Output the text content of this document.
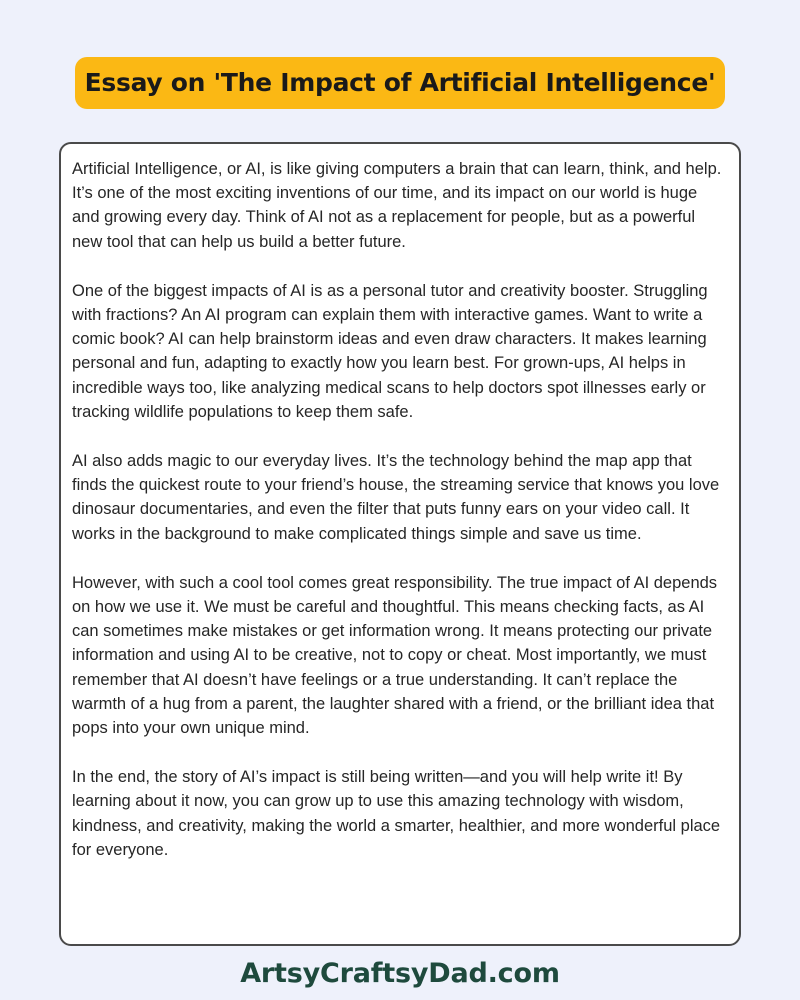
Essay on 'The Impact of Artificial Intelligence'

Artificial Intelligence, or AI, is like giving computers a brain that can learn, think, and help. It’s one of the most exciting inventions of our time, and its impact on our world is huge and growing every day. Think of AI not as a replacement for people, but as a powerful new tool that can help us build a better future.

One of the biggest impacts of AI is as a personal tutor and creativity booster. Struggling with fractions? An AI program can explain them with interactive games. Want to write a comic book? AI can help brainstorm ideas and even draw characters. It makes learning personal and fun, adapting to exactly how you learn best. For grown-ups, AI helps in incredible ways too, like analyzing medical scans to help doctors spot illnesses early or tracking wildlife populations to keep them safe.

AI also adds magic to our everyday lives. It’s the technology behind the map app that finds the quickest route to your friend’s house, the streaming service that knows you love dinosaur documentaries, and even the filter that puts funny ears on your video call. It works in the background to make complicated things simple and save us time.

However, with such a cool tool comes great responsibility. The true impact of AI depends on how we use it. We must be careful and thoughtful. This means checking facts, as AI can sometimes make mistakes or get information wrong. It means protecting our private information and using AI to be creative, not to copy or cheat. Most importantly, we must remember that AI doesn’t have feelings or a true understanding. It can’t replace the warmth of a hug from a parent, the laughter shared with a friend, or the brilliant idea that pops into your own unique mind.

In the end, the story of AI’s impact is still being written—and you will help write it! By learning about it now, you can grow up to use this amazing technology with wisdom, kindness, and creativity, making the world a smarter, healthier, and more wonderful place for everyone.

ArtsyCraftsyDad.com
